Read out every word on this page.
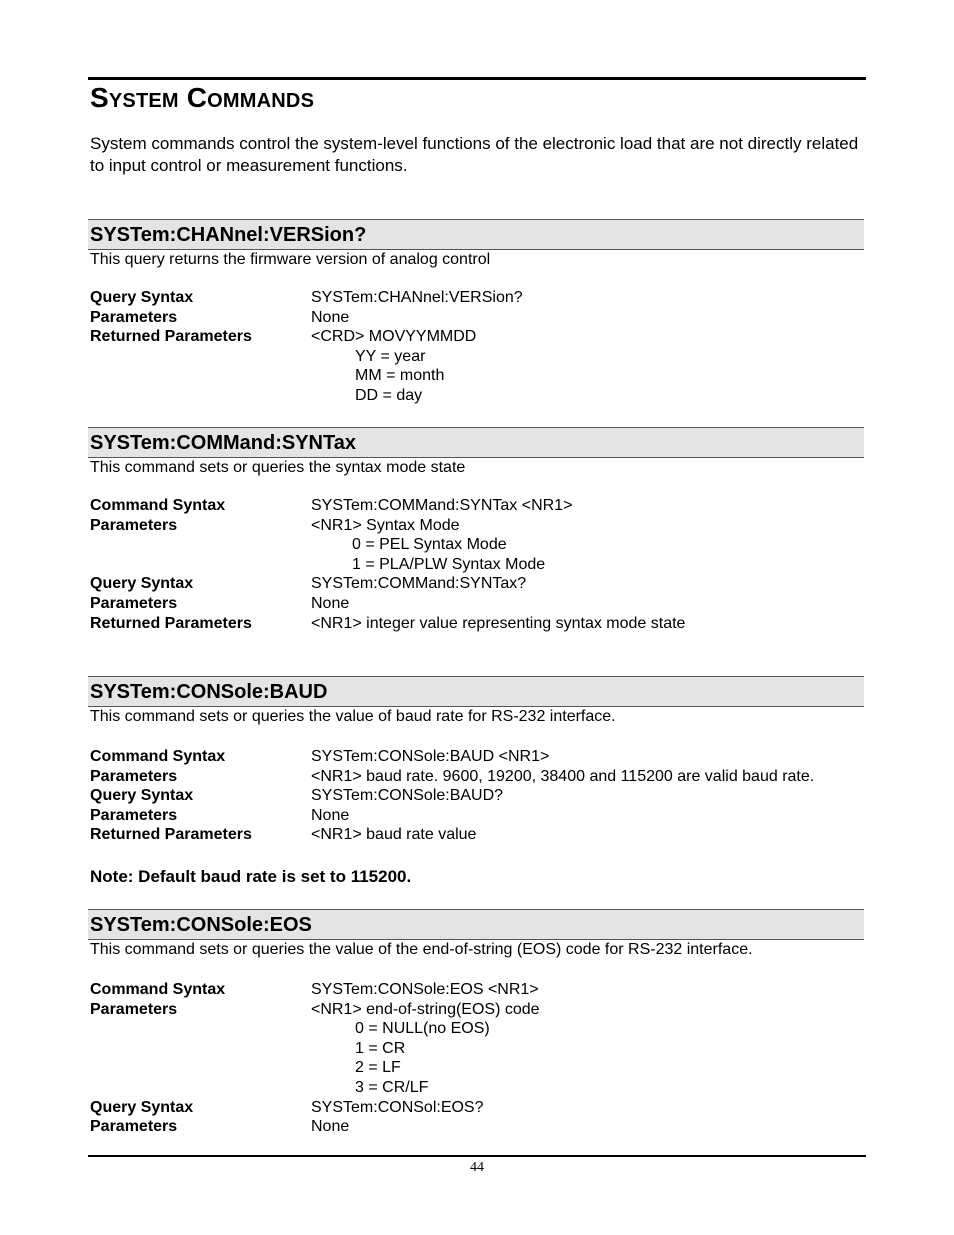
System Commands

System commands control the system-level functions of the electronic load that are not directly related to input control or measurement functions.

SYSTem:CHANnel:VERSion?

This query returns the firmware version of analog control

Query Syntax	SYSTem:CHANnel:VERSion?
Parameters	None
Returned Parameters	<CRD> MOVYYMMDD
YY = year
MM = month
DD = day
SYSTem:COMMand:SYNTax

This command sets or queries the syntax mode state

Command Syntax	SYSTem:COMMand:SYNTax <NR1>
Parameters	<NR1> Syntax Mode
0 = PEL Syntax Mode
1 = PLA/PLW Syntax Mode
Query Syntax	SYSTem:COMMand:SYNTax?
Parameters	None
Returned Parameters	<NR1> integer value representing syntax mode state
SYSTem:CONSole:BAUD

This command sets or queries the value of baud rate for RS-232 interface.

Command Syntax	SYSTem:CONSole:BAUD <NR1>
Parameters	<NR1> baud rate. 9600, 19200, 38400 and 115200 are valid baud rate.
Query Syntax	SYSTem:CONSole:BAUD?
Parameters	None
Returned Parameters	<NR1> baud rate value

Note: Default baud rate is set to 115200.

SYSTem:CONSole:EOS

This command sets or queries the value of the end-of-string (EOS) code for RS-232 interface.

Command Syntax	SYSTem:CONSole:EOS <NR1>
Parameters	<NR1> end-of-string(EOS) code
0 = NULL(no EOS)
1 = CR
2 = LF
3 = CR/LF
Query Syntax	SYSTem:CONSol:EOS?
Parameters	None
44
